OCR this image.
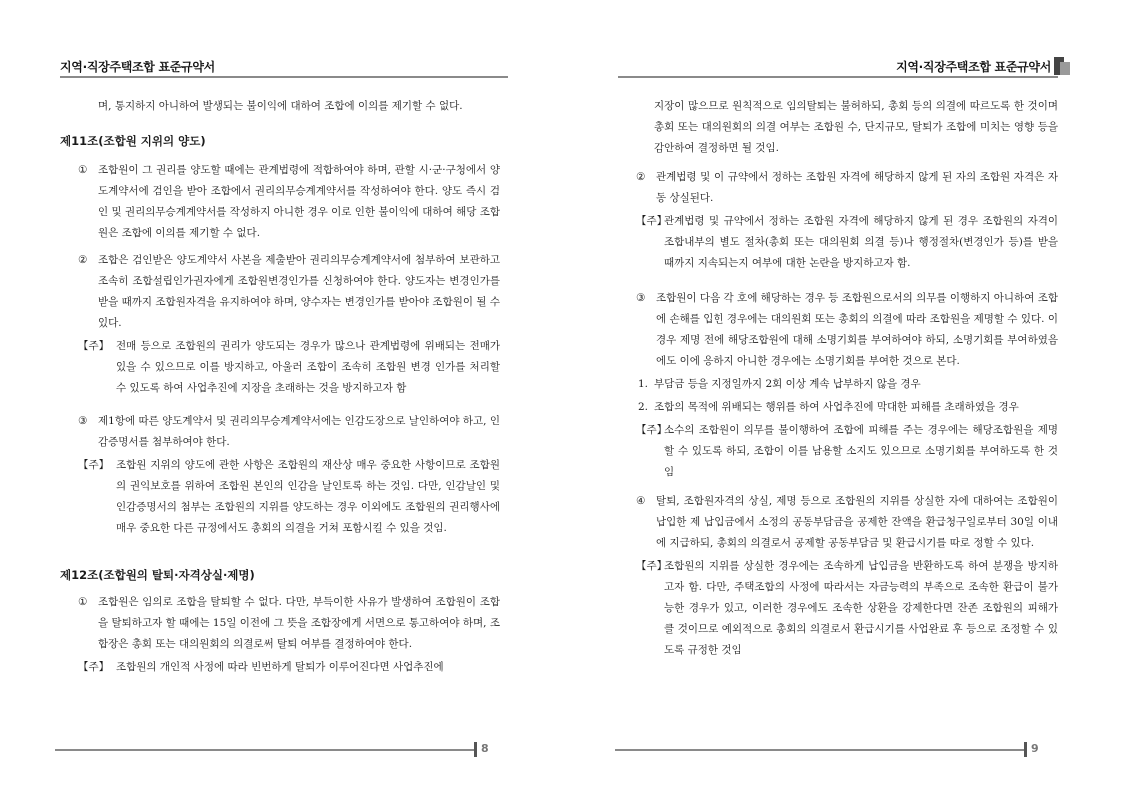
지역·직장주택조합 표준규약서
며, 통지하지 아니하여 발생되는 불이익에 대하여 조합에 이의를 제기할 수 없다.
제11조(조합원 지위의 양도)
① 조합원이 그 권리를 양도할 때에는 관계법령에 적합하여야 하며, 관할 시·군·구청에서 양도계약서에 검인을 받아 조합에서 권리의무승계계약서를 작성하여야 한다. 양도 즉시 검인 및 권리의무승계계약서를 작성하지 아니한 경우 이로 인한 불이익에 대하여 해당 조합원은 조합에 이의를 제기할 수 없다.
② 조합은 검인받은 양도계약서 사본을 제출받아 권리의무승계계약서에 첨부하여 보관하고 조속히 조합설립인가권자에게 조합원변경인가를 신청하여야 한다. 양도자는 변경인가를 받을 때까지 조합원자격을 유지하여야 하며, 양수자는 변경인가를 받아야 조합원이 될 수 있다.
【주】 전매 등으로 조합원의 권리가 양도되는 경우가 많으나 관계법령에 위배되는 전매가 있을 수 있으므로 이를 방지하고, 아울러 조합이 조속히 조합원 변경 인가를 처리할 수 있도록 하여 사업추진에 지장을 초래하는 것을 방지하고자 함
③ 제1항에 따른 양도계약서 및 권리의무승계계약서에는 인감도장으로 날인하여야 하고, 인감증명서를 첨부하여야 한다.
【주】 조합원 지위의 양도에 관한 사항은 조합원의 재산상 매우 중요한 사항이므로 조합원의 권익보호를 위하여 조합원 본인의 인감을 날인토록 하는 것임. 다만, 인감날인 및 인감증명서의 첨부는 조합원의 지위를 양도하는 경우 이외에도 조합원의 권리행사에 매우 중요한 다른 규정에서도 총회의 의결을 거쳐 포함시킬 수 있을 것임.
제12조(조합원의 탈퇴·자격상실·제명)
① 조합원은 임의로 조합을 탈퇴할 수 없다. 다만, 부득이한 사유가 발생하여 조합원이 조합을 탈퇴하고자 할 때에는 15일 이전에 그 뜻을 조합장에게 서면으로 통고하여야 하며, 조합장은 총회 또는 대의원회의 의결로써 탈퇴 여부를 결정하여야 한다.
【주】 조합원의 개인적 사정에 따라 빈번하게 탈퇴가 이루어진다면 사업추진에
8
지역·직장주택조합 표준규약서
지장이 많으므로 원칙적으로 임의탈퇴는 불허하되, 총회 등의 의결에 따르도록 한 것이며 총회 또는 대의원회의 의결 여부는 조합원 수, 단지규모, 탈퇴가 조합에 미치는 영향 등을 감안하여 결정하면 될 것임.
② 관계법령 및 이 규약에서 정하는 조합원 자격에 해당하지 않게 된 자의 조합원 자격은 자동 상실된다.
【주】
관계법령 및 규약에서 정하는 조합원 자격에 해당하지 않게 된 경우 조합원의 자격이 조합내부의 별도 절차(총회 또는 대의원회 의결 등)나 행정절차(변경인가 등)를 받을 때까지 지속되는지 여부에 대한 논란을 방지하고자 함.
③ 조합원이 다음 각 호에 해당하는 경우 등 조합원으로서의 의무를 이행하지 아니하여 조합에 손해를 입힌 경우에는 대의원회 또는 총회의 의결에 따라 조합원을 제명할 수 있다. 이 경우 제명 전에 해당조합원에 대해 소명기회를 부여하여야 하되, 소명기회를 부여하였음에도 이에 응하지 아니한 경우에는 소명기회를 부여한 것으로 본다.
1. 부담금 등을 지정일까지 2회 이상 계속 납부하지 않을 경우
2. 조합의 목적에 위배되는 행위를 하여 사업추진에 막대한 피해를 초래하였을 경우
【주】
소수의 조합원이 의무를 불이행하여 조합에 피해를 주는 경우에는 해당조합원을 제명할 수 있도록 하되, 조합이 이를 남용할 소지도 있으므로 소명기회를 부여하도록 한 것임
④ 탈퇴, 조합원자격의 상실, 제명 등으로 조합원의 지위를 상실한 자에 대하여는 조합원이 납입한 제 납입금에서 소정의 공동부담금을 공제한 잔액을 환급청구일로부터 30일 이내에 지급하되, 총회의 의결로서 공제할 공동부담금 및 환급시기를 따로 정할 수 있다.
【주】
조합원의 지위를 상실한 경우에는 조속하게 납입금을 반환하도록 하여 분쟁을 방지하고자 함. 다만, 주택조합의 사정에 따라서는 자금능력의 부족으로 조속한 환급이 불가능한 경우가 있고, 이러한 경우에도 조속한 상환을 강제한다면 잔존 조합원의 피해가 클 것이므로 예외적으로 총회의 의결로서 환급시기를 사업완료 후 등으로 조정할 수 있도록 규정한 것임
9
